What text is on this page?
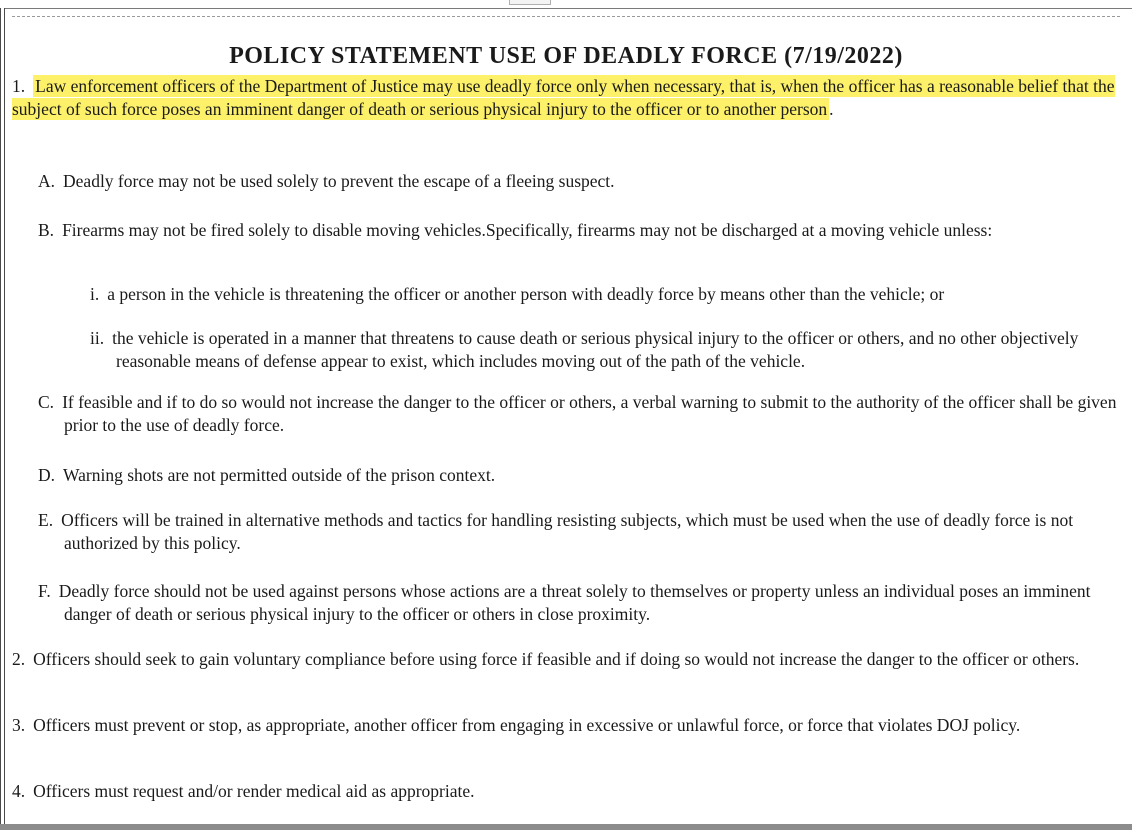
POLICY STATEMENT USE OF DEADLY FORCE (7/19/2022)

1. Law enforcement officers of the Department of Justice may use deadly force only when necessary, that is, when the officer has a reasonable belief that the subject of such force poses an imminent danger of death or serious physical injury to the officer or to another person .

A. Deadly force may not be used solely to prevent the escape of a fleeing suspect.

B. Firearms may not be fired solely to disable moving vehicles.Specifically, firearms may not be discharged at a moving vehicle unless:

i. a person in the vehicle is threatening the officer or another person with deadly force by means other than the vehicle; or

ii. the vehicle is operated in a manner that threatens to cause death or serious physical injury to the officer or others, and no other objectively reasonable means of defense appear to exist, which includes moving out of the path of the vehicle.

C. If feasible and if to do so would not increase the danger to the officer or others, a verbal warning to submit to the authority of the officer shall be given prior to the use of deadly force.

D. Warning shots are not permitted outside of the prison context.

E. Officers will be trained in alternative methods and tactics for handling resisting subjects, which must be used when the use of deadly force is not authorized by this policy.

F. Deadly force should not be used against persons whose actions are a threat solely to themselves or property unless an individual poses an imminent danger of death or serious physical injury to the officer or others in close proximity.

2. Officers should seek to gain voluntary compliance before using force if feasible and if doing so would not increase the danger to the officer or others.

3. Officers must prevent or stop, as appropriate, another officer from engaging in excessive or unlawful force, or force that violates DOJ policy.

4. Officers must request and/or render medical aid as appropriate.
